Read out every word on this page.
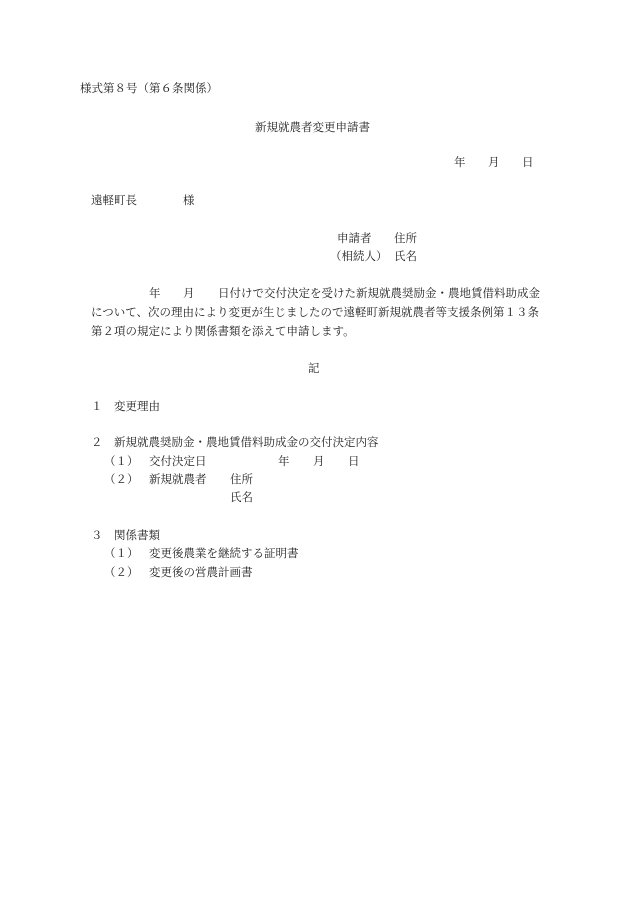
様式第８号（第６条関係）
新規就農者変更申請書
年 月 日
遠軽町長	様
申請者 住所
（相続人） 氏名
年 月 日付けで交付決定を受けた新規就農奨励金・農地賃借料助成金
について、次の理由により変更が生じましたので遠軽町新規就農者等支援条例第１３条
第２項の規定により関係書類を添えて申請します。
記
１ 変更理由
２ 新規就農奨励金・農地賃借料助成金の交付決定内容
（１） 交付決定日	年 月 日
（２） 新規就農者 住所
氏名
３ 関係書類
（１） 変更後農業を継続する証明書
（２） 変更後の営農計画書
